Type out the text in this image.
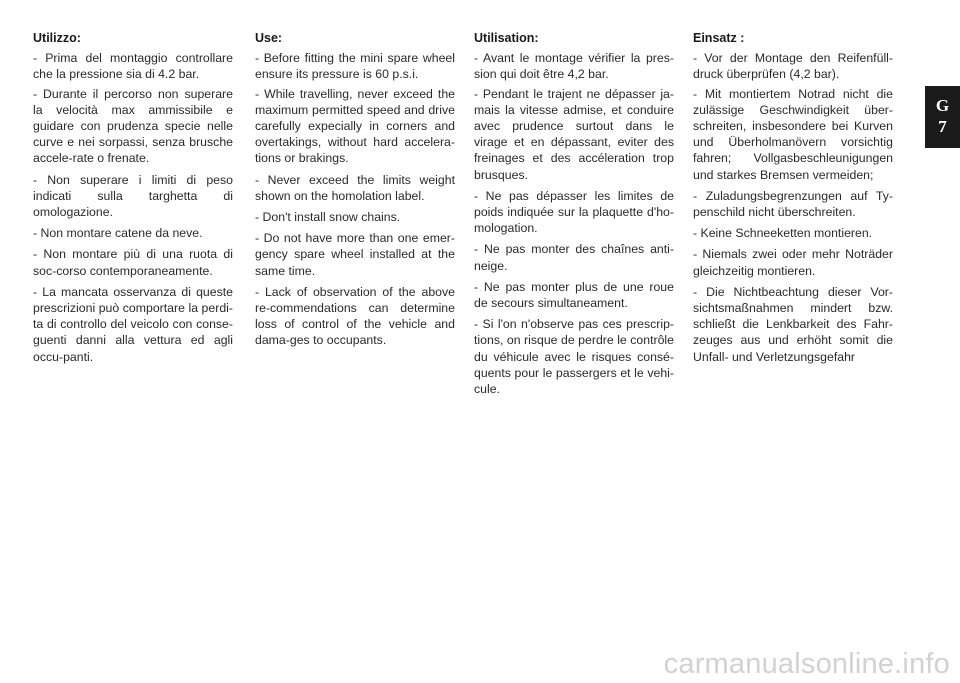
Utilizzo:
- Prima del montaggio controllare che la pressione sia di 4.2 bar.
- Durante il percorso non superare la velocità max ammissibile e guidare con prudenza specie nelle curve e nei sorpassi, senza brusche accele-rate o frenate.
- Non superare i limiti di peso indicati sulla targhetta di omologazione.
- Non montare catene da neve.
- Non montare più di una ruota di soc-corso contemporaneamente.
- La mancata osservanza di queste prescrizioni può comportare la perdi-ta di controllo del veicolo con conse-guenti danni alla vettura ed agli occu-panti.
Use:
- Before fitting the mini spare wheel ensure its pressure is 60 p.s.i.
- While travelling, never exceed the maximum permitted speed and drive carefully expecially in corners and overtakings, without hard accelera-tions or brakings.
- Never exceed the limits weight shown on the homolation label.
- Don't install snow chains.
- Do not have more than one emer-gency spare wheel installed at the same time.
- Lack of observation of the above re-commendations can determine loss of control of the vehicle and dama-ges to occupants.
Utilisation:
- Avant le montage vérifier la pres-sion qui doit être 4,2 bar.
- Pendant le trajent ne dépasser ja-mais la vitesse admise, et conduire avec prudence surtout dans le virage et en dépassant, eviter des freinages et des accéleration trop brusques.
- Ne pas dépasser les limites de poids indiquée sur la plaquette d'ho-mologation.
- Ne pas monter des chaînes anti-neige.
- Ne pas monter plus de une roue de secours simultaneament.
- Si l'on n'observe pas ces prescrip-tions, on risque de perdre le contrôle du véhicule avec le risques consé-quents pour le passergers et le vehi-cule.
Einsatz :
- Vor der Montage den Reifenfüll-druck überprüfen (4,2 bar).
- Mit montiertem Notrad nicht die zulässige Geschwindigkeit über-schreiten, insbesondere bei Kurven und Überholmanövern vorsichtig fahren; Vollgasbeschleunigungen und starkes Bremsen vermeiden;
- Zuladungsbegrenzungen auf Ty-penschild nicht überschreiten.
- Keine Schneeketten montieren.
- Niemals zwei oder mehr Noträder gleichzeitig montieren.
- Die Nichtbeachtung dieser Vor-sichtsmaßnahmen mindert bzw. schließt die Lenkbarkeit des Fahr-zeuges aus und erhöht somit die Unfall- und Verletzungsgefahr
G
7
carmanualsonline.info
